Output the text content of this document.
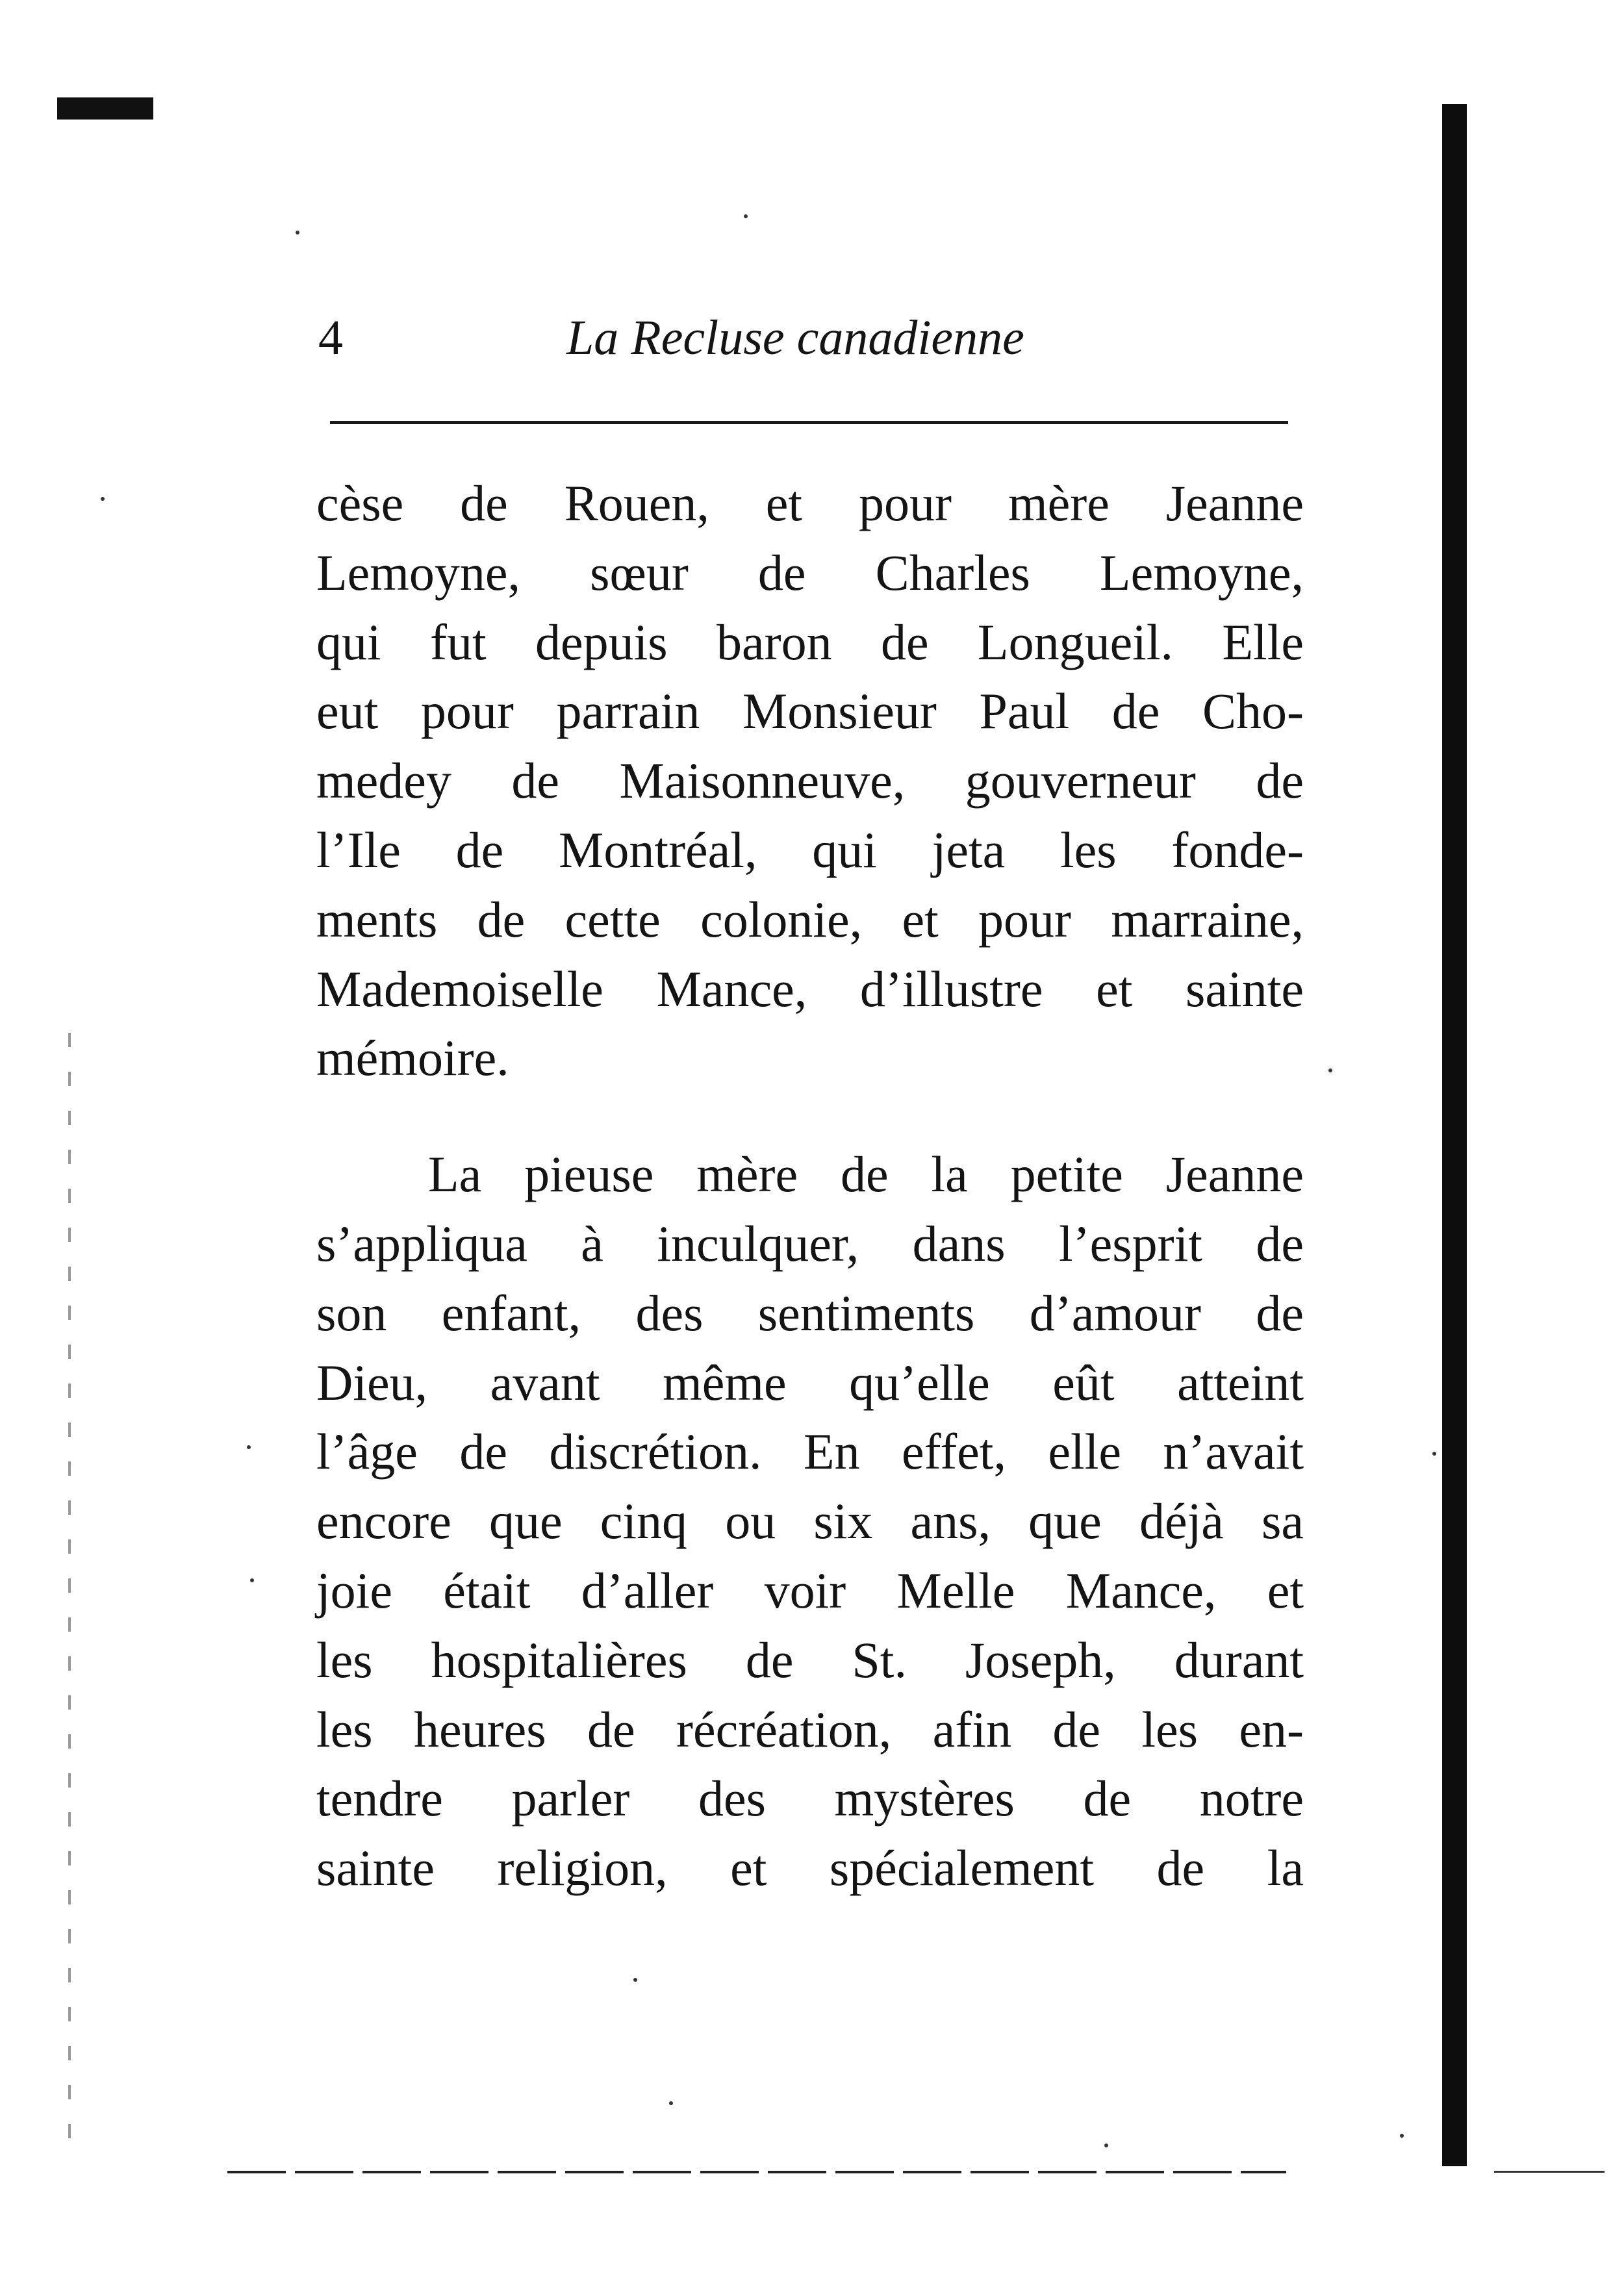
4	La Recluse canadienne
cèse de Rouen, et pour mère Jeanne
Lemoyne, sœur de Charles Lemoyne,
qui fut depuis baron de Longueil. Elle
eut pour parrain Monsieur Paul de Cho-
medey de Maisonneuve, gouverneur de
l’Ile de Montréal, qui jeta les fonde-
ments de cette colonie, et pour marraine,
Mademoiselle Mance, d’illustre et sainte
mémoire.
La pieuse mère de la petite Jeanne
s’appliqua à inculquer, dans l’esprit de
son enfant, des sentiments d’amour de
Dieu, avant même qu’elle eût atteint
l’âge de discrétion. En effet, elle n’avait
encore que cinq ou six ans, que déjà sa
joie était d’aller voir Melle Mance, et
les hospitalières de St. Joseph, durant
les heures de récréation, afin de les en-
tendre parler des mystères de notre
sainte religion, et spécialement de la
